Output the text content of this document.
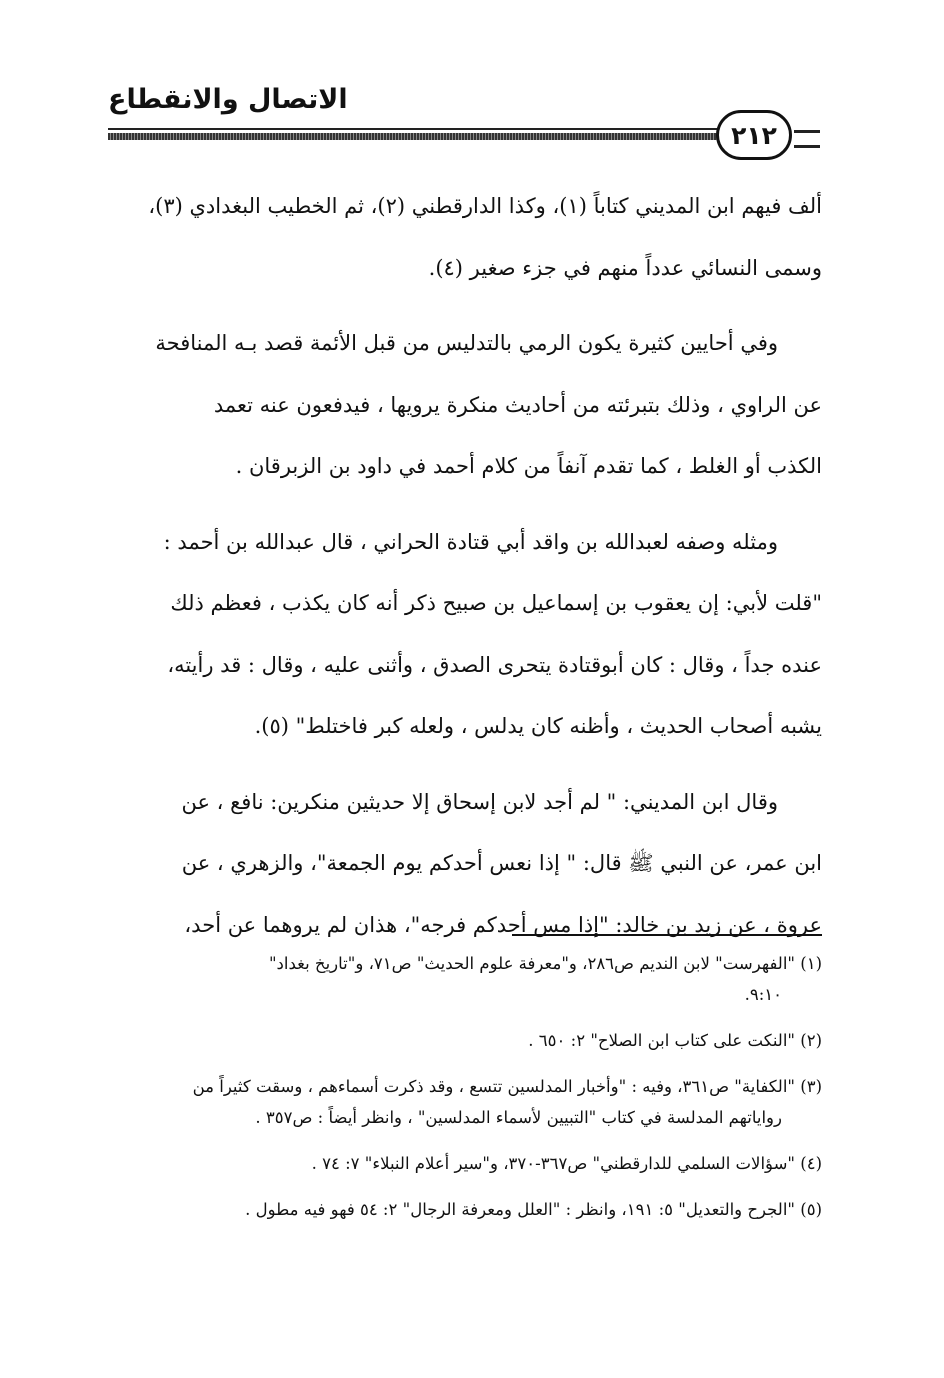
الاتصال والانقطاع
٢١٢

ألف فيهم ابن المديني كتاباً (١)، وكذا الدارقطني (٢)، ثم الخطيب البغدادي (٣)،

وسمى النسائي عدداً منهم في جزء صغير (٤).

وفي أحايين كثيرة يكون الرمي بالتدليس من قبل الأئمة قصد بـه المنافحة

عن الراوي ، وذلك بتبرئته من أحاديث منكرة يرويها ، فيدفعون عنه تعمد

الكذب أو الغلط ، كما تقدم آنفاً من كلام أحمد في داود بن الزبرقان .

ومثله وصفه لعبدالله بن واقد أبي قتادة الحراني ، قال عبدالله بن أحمد :

"قلت لأبي: إن يعقوب بن إسماعيل بن صبيح ذكر أنه كان يكذب ، فعظم ذلك

عنده جداً ، وقال : كان أبوقتادة يتحرى الصدق ، وأثنى عليه ، وقال : قد رأيته،

يشبه أصحاب الحديث ، وأظنه كان يدلس ، ولعله كبر فاختلط" (٥).

وقال ابن المديني: " لم أجد لابن إسحاق إلا حديثين منكرين: نافع ، عن

ابن عمر، عن النبي ﷺ قال: " إذا نعس أحدكم يوم الجمعة"، والزهري ، عن

عروة ، عن زيد بن خالد: "إذا مس أحدكم فرجه"، هذان لم يروهما عن أحد،

(١) "الفهرست" لابن النديم ص٢٨٦، و"معرفة علوم الحديث" ص٧١، و"تاريخ بغداد"
٩:١٠.
(٢) "النكت على كتاب ابن الصلاح" ٢: ٦٥٠ .
(٣) "الكفاية" ص٣٦١، وفيه : "وأخبار المدلسين تتسع ، وقد ذكرت أسماءهم ، وسقت كثيراً من
رواياتهم المدلسة في كتاب "التبيين لأسماء المدلسين" ، وانظر أيضاً : ص٣٥٧ .
(٤) "سؤالات السلمي للدارقطني" ص٣٦٧-٣٧٠، و"سير أعلام النبلاء" ٧: ٧٤ .
(٥) "الجرح والتعديل" ٥: ١٩١، وانظر : "العلل ومعرفة الرجال" ٢: ٥٤ فهو فيه مطول .
